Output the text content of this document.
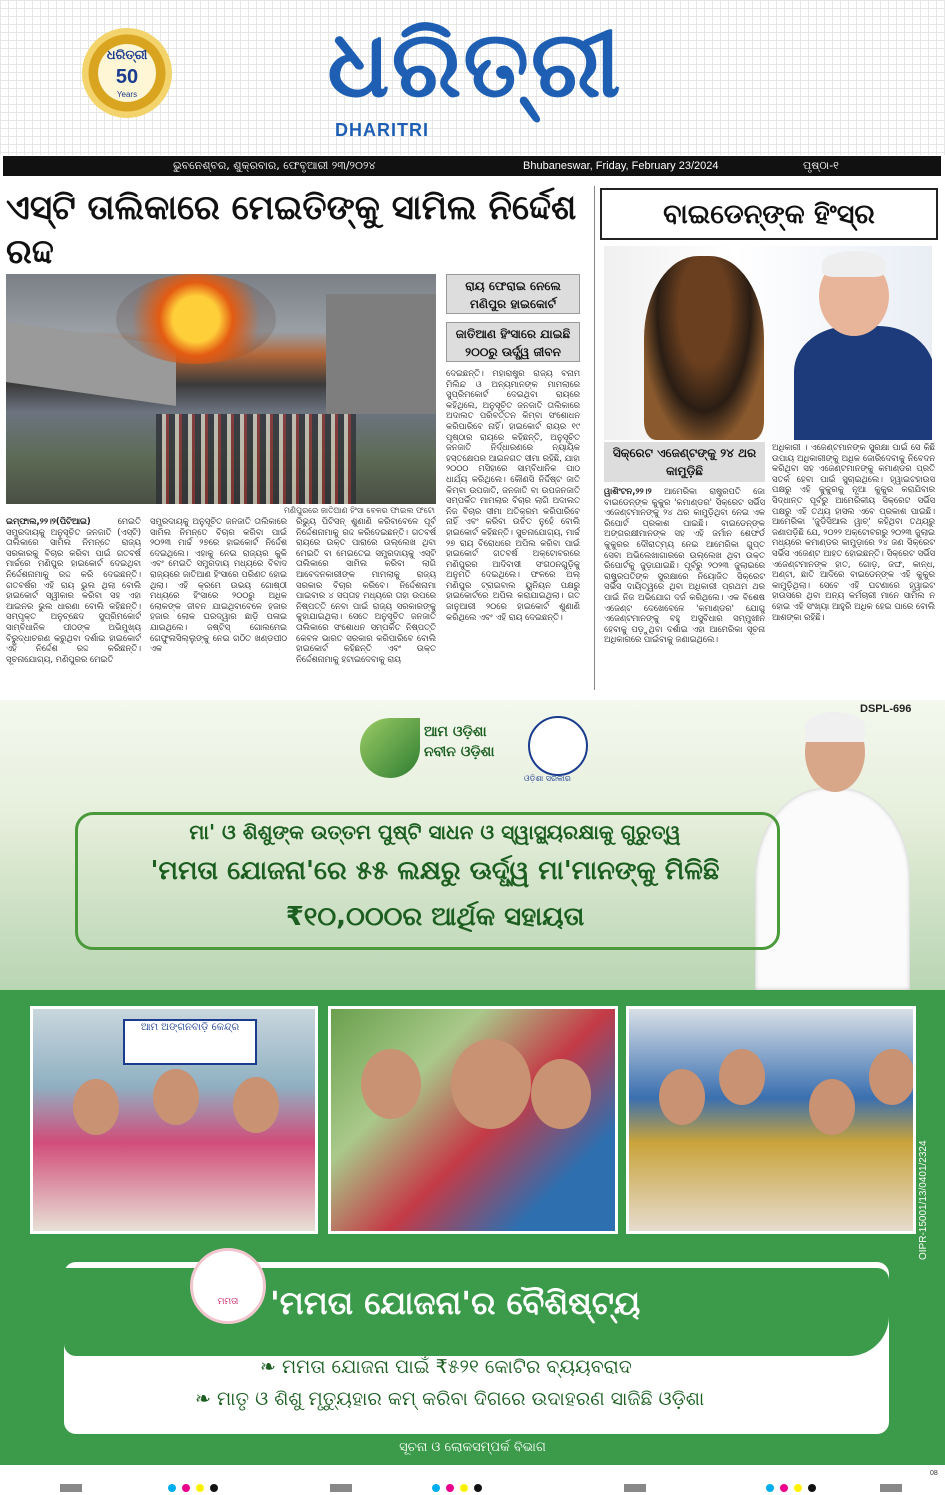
ଧରିତ୍ରୀ
50
Years	ଧରିତ୍ରୀ
DHARITRI
ଭୁବନେଶ୍ବର, ଶୁକ୍ରବାର, ଫେବୃଆରୀ ୨୩/୨୦୨୪	Bhubaneswar, Friday, February 23/2024	ପୃଷ୍ଠା-୧
ଏସ୍‌ଟି ତାଲିକାରେ ମେଇତିଙ୍କୁ ସାମିଲ ନିର୍ଦ୍ଦେଶ ରଦ୍ଦ
ମଣିପୁରରେ ଜାତିଆଣ ହିଂସା ବେଳର ଫାଇଲ ଫଟୋ
ରାୟ ଫେରାଇ ନେଲେ ମଣିପୁର ହାଇକୋର୍ଟ
ଜାତିଆଣ ହିଂସାରେ ଯାଇଛି ୨୦୦ରୁ ଊର୍ଦ୍ଧ୍ୱ ଜୀବନ
ଦେଇଛନ୍ତି। ମହାରାଷ୍ଟ୍ର ରାଜ୍ୟ ବନାମ ମିଲିନ୍ଦ ଓ ଅନ୍ୟମାନଙ୍କ ମାମଲାରେ ସୁପ୍ରିମକୋର୍ଟ ଦେଇଥିବା ରାୟରେ କହିଥିଲେ, ଅନୁସୂଚିତ ଜନଜାତି ତାଲିକାରେ ଅଦାଲତ ପରିବର୍ତ୍ତନ କିମ୍ବା ସଂଶୋଧନ କରିପାରିବେ ନାହିଁ। ହାଇକୋର୍ଟ ରାୟର ୧୯ ପୃଷ୍ଠାର ରାୟରେ କହିଛନ୍ତି, ଅନୁସୂଚିତ ଜନଜାତି ନିର୍ଦ୍ଧାରଣରେ ନ୍ୟାୟିକ ହସ୍ତକ୍ଷେପର ଆଇନଗତ ସୀମା ରହିଛି, ଯାହା ୨୦୦୦ ମସିହାରେ ସାମ୍ବିଧାନିକ ପାଠ ଧାର୍ଯ୍ୟ କରିଥିଲେ। କୌଣସି ନିର୍ଦ୍ଦିଷ୍ଟ ଜାତି କିମ୍ବା ଉପଜାତି, ଜନଜାତି ବା ଉପଜନଜାତି ସମ୍ପର୍କିତ ମାମଲାର ବିଚାର ଲାଗି ଅଦାଲତ ନିଜ ବିଚାର ସୀମା ଅତିକ୍ରମ କରିପାରିବେ ନାହିଁ ଏବଂ କରିବା ଉଚିତ ନୁହେଁ ବୋଲି ହାଇକୋର୍ଟ କହିଛନ୍ତି। ସୁଚନାଯୋଗ୍ୟ, ମାର୍ଚ୍ଚ ୨୭ ରାୟ ବିରୋଧରେ ଅପିଲ କରିବା ପାଇଁ ହାଇକୋର୍ଟ ଗତବର୍ଷ ଅକ୍ଟୋବରରେ ମଣିପୁରର ଆଦିବାସୀ ସଂଗଠନଗୁଡ଼ିକୁ ଅନୁମତି ଦେଇଥିଲେ। ଫଳରେ ଅଲ୍ ମଣିପୁର ଟ୍ରାଇବାଲ ୟୁନିୟନ ପକ୍ଷରୁ ହାଇକୋର୍ଟରେ ଅପିଲ କରାଯାଇଥିଲା। ଗତ ଜାନୁଆରୀ ୨୦ରେ ହାଇକୋର୍ଟ ଶୁଣାଣି କରିଥିଲେ ଏବଂ ଏହି ରାୟ ଦେଇଛନ୍ତି।
ଇମ୍ଫାଲ,୨୨।୨(ପିଟିଆଇ)	ମେଇତି ସମ୍ପ୍ରଦାୟକୁ ଅନୁସୂଚିତ ଜନଜାତି (ଏସ୍‌ଟି) ତାଲିକାରେ ସାମିଲ ନିମନ୍ତେ ରାଜ୍ୟ ସରକାରକୁ ବିଚାର କରିବା ପାଇଁ ଗତବର୍ଷ ମାର୍ଚ୍ଚରେ ମଣିପୁର ହାଇକୋର୍ଟ ଦେଇଥିବା ନିର୍ଦ୍ଦେଶନାମାକୁ ରଦ୍ଦ କରି ଦେଇଛନ୍ତି। ଗତବର୍ଷର ଏହି ରାୟ ଭୁଲ ଥିଲା ବୋଲି ହାଇକୋର୍ଟ ସ୍ୱୀକାର କରିବା ସହ ଏହା ଆଇନର ଭୁଲ ଧାରଣା ବୋଲି କହିଛନ୍ତି। ସମ୍ପୃକ୍ତ ଅନୁଚ୍ଛେଦ ସୁପ୍ରିମକୋର୍ଟ ସାମ୍ବିଧାନିକ ପୀଠଙ୍କ ଅଭିମୁଖ୍ୟ ବିରୁଦ୍ଧାଚରଣ କରୁଥିବା ଦର୍ଶାଇ ହାଇକୋର୍ଟ ଏହି ନିର୍ଦ୍ଦେଶ ରଦ୍ଦ କରିଛନ୍ତି। ସୂଚନାଯୋଗ୍ୟ, ମଣିପୁରର ମେଇତି
ସମ୍ପ୍ରଦାୟକୁ ଅନୁସୂଚିତ ଜନଜାତି ତାଲିକାରେ ସାମିଲ ନିମନ୍ତେ ବିଚାର କରିବା ପାଇଁ ୨୦୨୩ ମାର୍ଚ୍ଚ ୨୭ରେ ହାଇକୋର୍ଟ ନିର୍ଦ୍ଦେଶ ଦେଇଥିଲେ। ଏହାକୁ ନେଇ ରାଜ୍ୟର କୁକି ଏବଂ ମେଇତି ସମ୍ପ୍ରଦାୟ ମଧ୍ୟରେ ବିବାଦ ରାଜ୍ୟରେ ଜାତିଆଣ ହିଂସାରେ ପରିଣତ ହୋଇ ଥିଲା। ଏହି କ୍ରମେ ଉଭୟ ଗୋଷ୍ଠୀ ମଧ୍ୟରେ ହିଂସାରେ ୨୦୦ରୁ ଅଧିକ ଲୋକଙ୍କ ଜୀବନ ଯାଇଥିବାବେଳେ ହଜାର ହଜାର ଲୋକ ଘରଦ୍ୱାର ଛାଡ଼ି ପଳାଇ ଯାଇଥିଲେ। ଜଷ୍ଟିସ୍ ଗୋଲମେଇ ଗେଫୁଲସିଲ୍ଲୁଙ୍କୁ ନେଇ ଗଠିତ ଖଣ୍ଡପୀଠ ଏକ
ରିଭ୍ୟୁ ପିଟିସନ୍ ଶୁଣାଣି କରିବାବେଳେ ପୂର୍ବ ନିର୍ଦ୍ଦେଶନାମାକୁ ରଦ୍ଦ କରିଦେଇଛନ୍ତି। ଗତବର୍ଷ ରାୟରେ ଉକ୍ତ ପାରାରେ ଉଲ୍ଲେଖ ଥିବା ମେଇତି ବା ମେଇତେଇ ସମ୍ପ୍ରଦାୟକୁ ଏସ୍‌ଟି ତାଲିକାରେ ସାମିଲ କରିବା ଲାଗି ଆବେଦନକାରୀଙ୍କ ମାମଲାକୁ ରାଜ୍ୟ ସରକାର ବିଚାର କରିବେ। ନିର୍ଦ୍ଦେଶନାମା ପାଇବାର ୪ ସପ୍ତାହ ମଧ୍ୟରେ ତାହା ଉପରେ ନିଷ୍ପତ୍ତି ନେବା ପାଇଁ ରାଜ୍ୟ ସରକାରଙ୍କୁ କୁହାଯାଇଥିଲା। ସେତେ ଅନୁସୂଚିତ ଜନଜାତି ତାଲିକାରେ ସଂଶୋଧନ ସମ୍ପର୍କିତ ନିଷ୍ପତ୍ତି କେବଳ ଭାରତ ସରକାର କରିପାରିବେ ବୋଲି ହାଇକୋର୍ଟ କହିଛନ୍ତି ଏବଂ ଉକ୍ତ ନିର୍ଦ୍ଦେଶନାମାକୁ ହଟାଇଦେବାକୁ ରାୟ
ବାଇଡେନ୍‌ଙ୍କ ହିଂସ୍ର
ସିକ୍ରେଟ ଏଜେଣ୍ଟଙ୍କୁ ୨୪ ଥର କାମୁଡ଼ିଛି
ୱାଶିଂଟନ,୨୨।୨ ଆମେରିକା ରାଷ୍ଟ୍ରପତି ଜୋ ବାଇଡେନ୍‌ଙ୍କ କୁକୁର 'କମାଣ୍ଡର' ସିକ୍ରେଟ ସର୍ଭିସ ଏଜେଣ୍ଟମାନଙ୍କୁ ୨୪ ଥର କାମୁଡ଼ିଥିବା ନେଇ ଏକ ରିପୋର୍ଟ ପ୍ରକାଶ ପାଇଛି। ବାଇଡେନ୍‌ଙ୍କ ଅଙ୍ଗରକ୍ଷୀମାନଙ୍କ ସହ ଏହି ଜର୍ମାନ ଶେଫର୍ଡ କୁକୁରର ଦୌରାତ୍ମ୍ୟ ନେଇ ଆମେରିକା ଗୁପ୍ତ ସେବା ଅଭିଲେଖାଗାରରେ ଉଲ୍ଲେଖ ଥିବା ଉକ୍ତ ରିପୋର୍ଟକୁ ଜୁଡ଼ାଯାଇଛି। ପୂର୍ବରୁ ୨୦୨୩ ଜୁଲାଇରେ ରାଷ୍ଟ୍ରପତିଙ୍କ ସୁରକ୍ଷାରେ ନିୟୋଜିତ ସିକ୍ରେଟ ସର୍ଭିସ ଦାୟିତ୍ୱରେ ଥିବା ଅଧିକାରୀ ପ୍ରଥମ ଥର ପାଇଁ ନିଜ ଅଭିଯୋଗ ଦର୍ଜ କରିଥିଲେ। ଏକ ବିଶେଷ ଏଜେଣ୍ଟ ଦେଖେବେଳେ 'କମାଣ୍ଡର' ଯୋଗୁ ଏଜେଣ୍ଟମାନଙ୍କୁ ବହୁ ଅସୁବିଧାର ସମ୍ମୁଖୀନ ହେବାକୁ ପଡ଼ୁଥିବା ଦର୍ଶାଇ ଏହା ଆମେରିକା ସୂଚନା ଅଧିକାରରେ ପାଇଁବାକୁ ଜଣାଇଥିଲେ।
ଅଧିକାରୀ । ଏଜେଣ୍ଟମାନଙ୍କ ସୁରକ୍ଷା ପାଇଁ ସେ କିଛି ଉପାୟ ଅଧିକାରୀଙ୍କୁ ଅଧିକ ଜୋରିଦେବାକୁ ନିବେଦନ କରିଥିବା ସହ ଏଜେଣ୍ଟମାନଙ୍କୁ କମାଣ୍ଡର ପ୍ରତି ସତର୍କ ହେବା ପାଇଁ ସୁଚାଇଥିଲେ। ହ୍ୱାଇଟହାଉସ ପକ୍ଷରୁ ଏହି କୁକୁରକୁ ନୂଆ କୁକୁର କରାଯିବାର ସିଦ୍ଧାନ୍ତ ପୂର୍ବରୁ ଆମେରିକୀୟ ସିକ୍ରେଟ ସର୍ଭିସ ପକ୍ଷରୁ ଏହି ତଥ୍ୟ ହାସଲ ଏବେ ପ୍ରକାଶ ପାଇଛି। ଆମେରିକା 'ଜୁଡିସିଆଲ ୱାଚ୍' କହିଥିବା ତଥ୍ୟରୁ ଜଣାପଡ଼ିଛି ଯେ, ୨୦୨୨ ଅକ୍ଟୋବରରୁ ୨୦୨୩ ଜୁଲାଇ ମଧ୍ୟରେ କମାଣ୍ଡର କାମୁଡ଼ାରେ ୨୪ ଜଣ ସିକ୍ରେଟ ସର୍ଭିସ ଏଜେଣ୍ଟ ଆହତ ହୋଇଛନ୍ତି। ସିକ୍ରେଟ ସର୍ଭିସ ଏଜେଣ୍ଟମାନଙ୍କ ହାତ, ଗୋଡ଼, ଜଙ୍ଘ, କାନ୍ଧ, ଅଣ୍ଟା, ଛାତି ଆଦିରେ ବାଇଡେନ୍‌ଙ୍କ ଏହି କୁକୁର କାମୁଡ଼ିଥିଲା। ସେବେ ଏହି ଘଟଣାରେ ହ୍ୱାଇଟ ହାଉସରେ ଥିବା ଅନ୍ୟ କର୍ମଚାରୀ ମାନେ ସାମିଲ ନ ହୋଇ ଏହି ସଂଖ୍ୟା ଆହୁରି ଅଧିକ ହେଇ ପାରେ ବୋଲି ଆଶଙ୍କା ରହିଛି।
DSPL-696
ଆମ ଓଡ଼ିଶା
ନବୀନ ଓଡ଼ିଶା
ଓଡ଼ିଶା ସରକାର
ମା' ଓ ଶିଶୁଙ୍କ ଉତ୍ତମ ପୁଷ୍ଟି ସାଧନ ଓ ସ୍ୱାସ୍ଥ୍ୟରକ୍ଷାକୁ ଗୁରୁତ୍ୱ
'ମମତା ଯୋଜନା'ରେ ୫୫ ଲକ୍ଷରୁ ଊର୍ଦ୍ଧ୍ୱ ମା'ମାନଙ୍କୁ ମିଳିଛି
₹୧୦,୦୦୦ର ଆର୍ଥିକ ସହାୟତା
ଆମ ଅଙ୍ଗନବାଡ଼ି କେନ୍ଦ୍ର
ମମତା 'ମମତା ଯୋଜନା'ର ବୈଶିଷ୍ଟ୍ୟ
❧ ମମତା ଯୋଜନା ପାଇଁ ₹୫୨୧ କୋଟିର ବ୍ୟୟବରାଦ
❧ ମାତୃ ଓ ଶିଶୁ ମୃତ୍ୟୁହାର କମ୍ କରିବା ଦିଗରେ ଉଦାହରଣ ସାଜିଛି ଓଡ଼ିଶା
ସୂଚନା ଓ ଲୋକସମ୍ପର୍କ ବିଭାଗ
OIPR-15001/13/0401/2324
08
